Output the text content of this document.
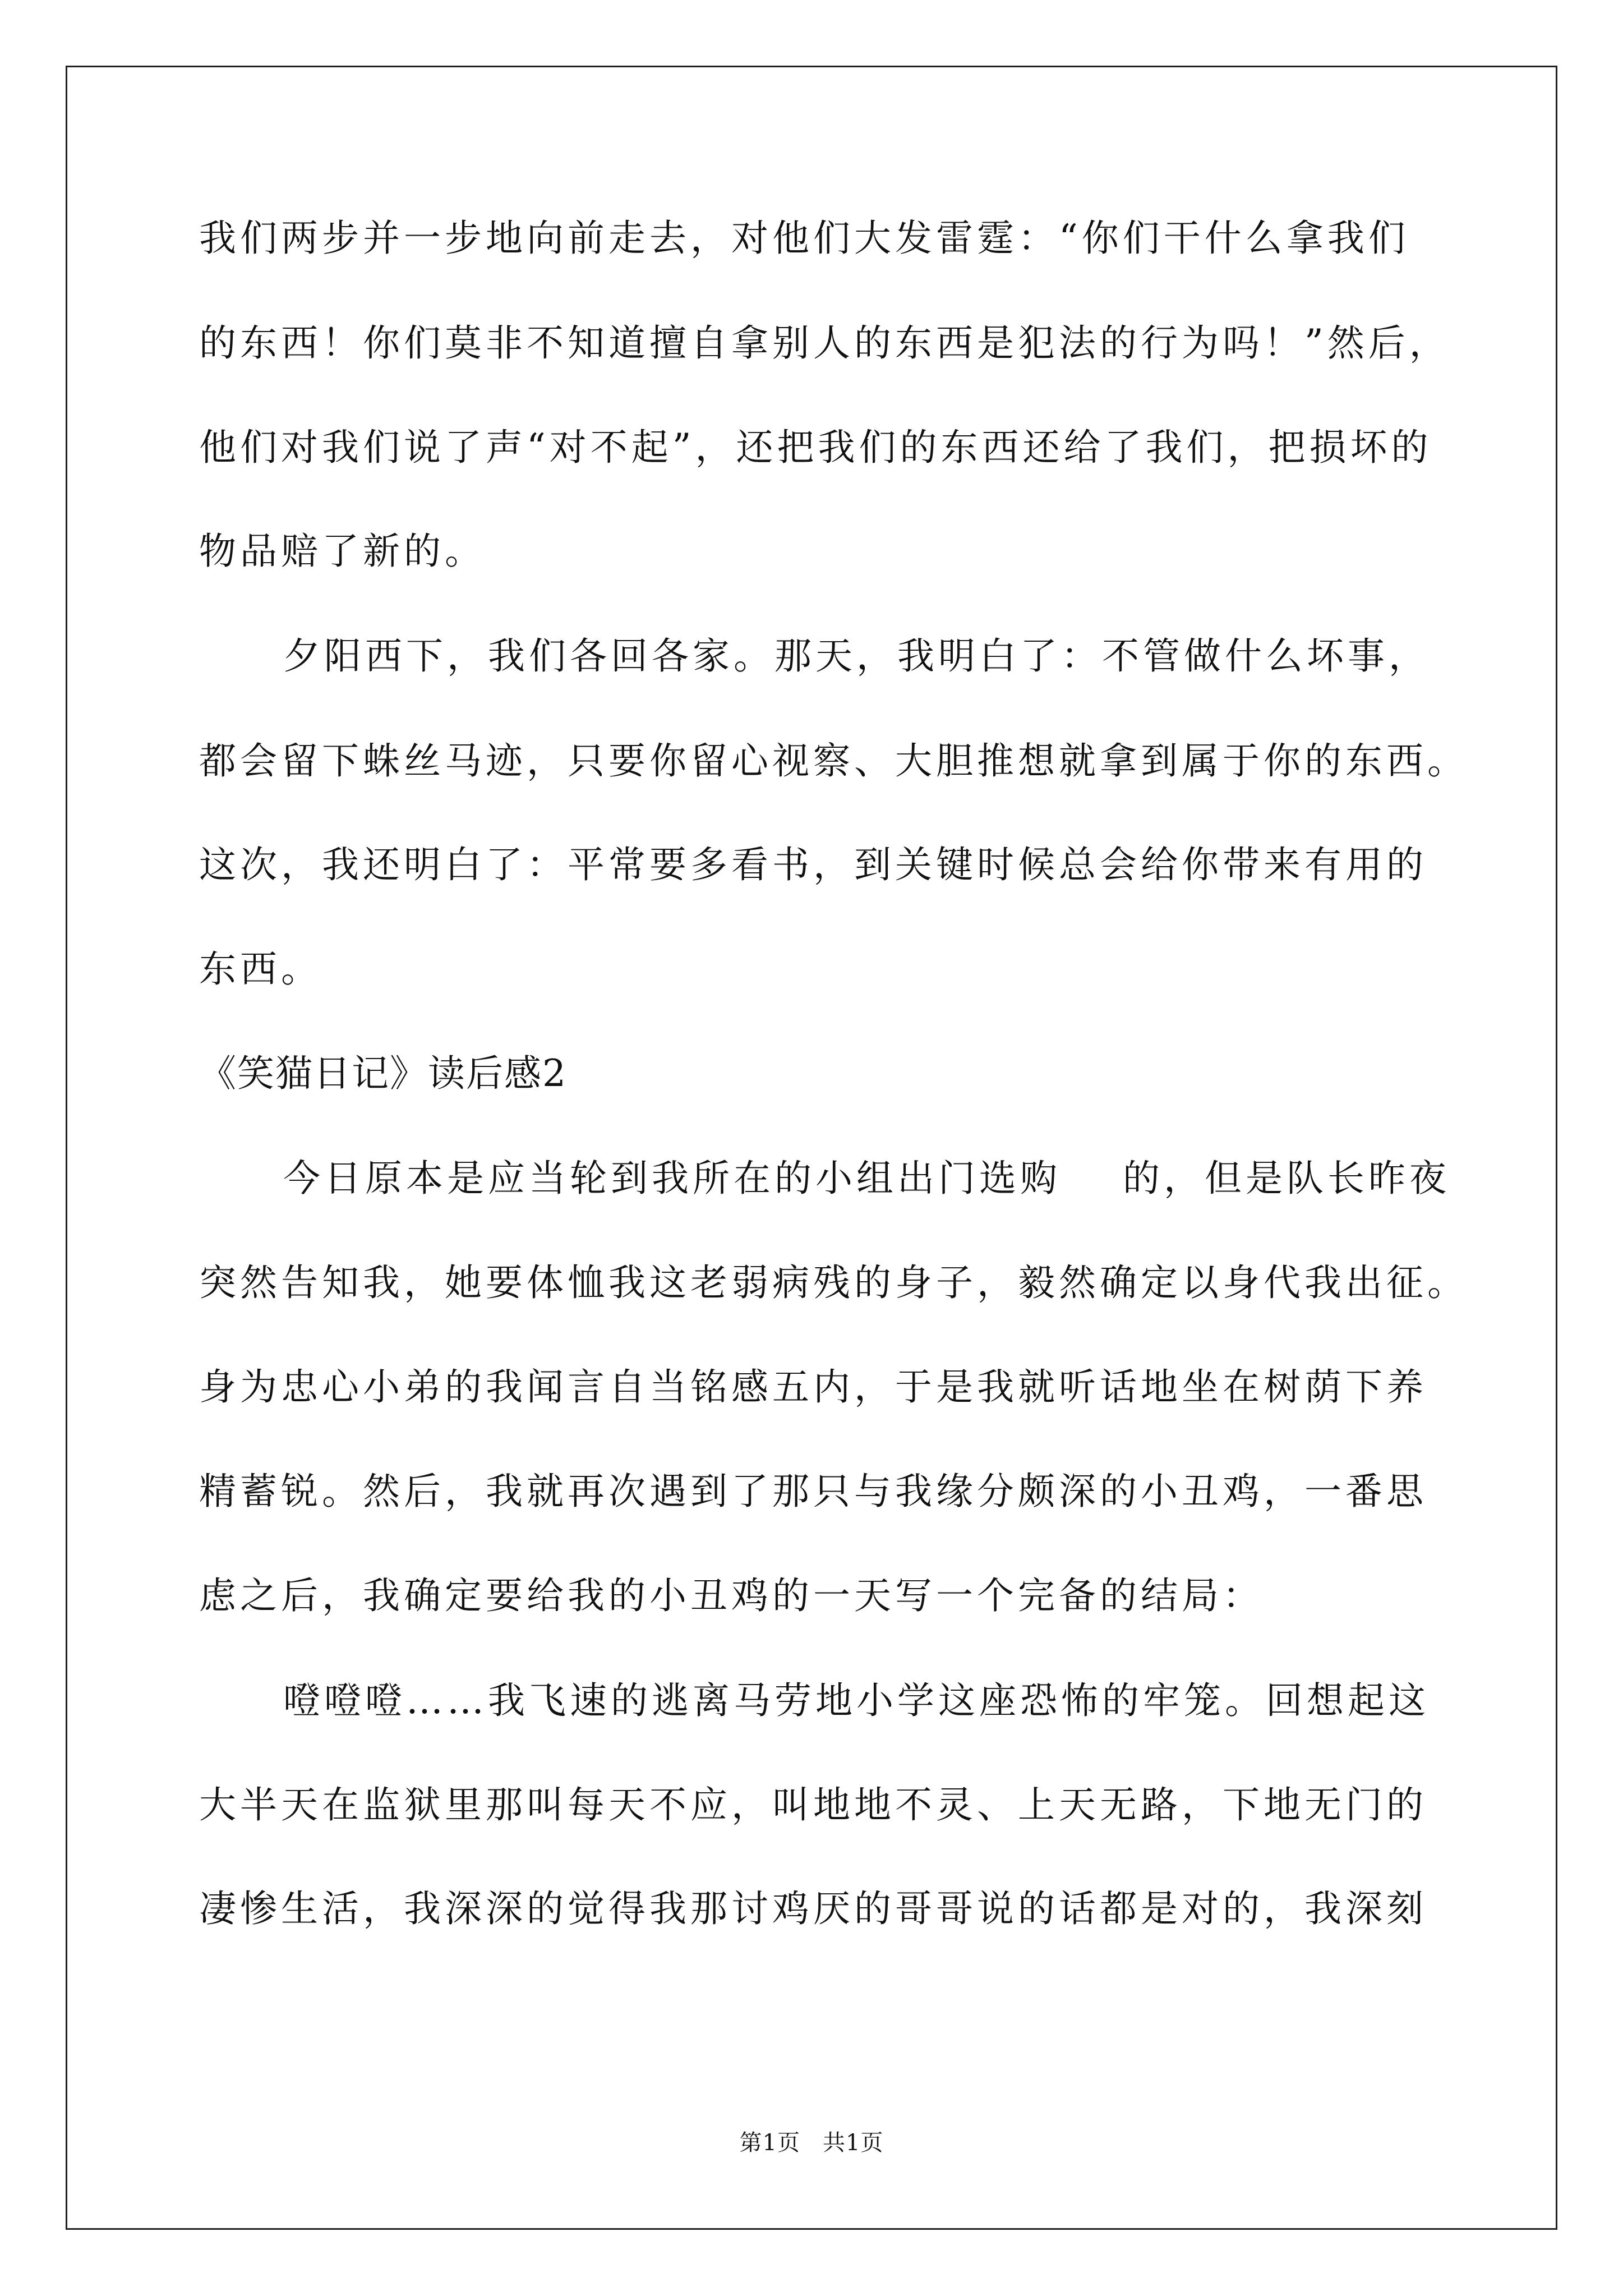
我们两步并一步地向前走去，对他们大发雷霆：“你们干什么拿我们
的东西！你们莫非不知道擅自拿别人的东西是犯法的行为吗！”然后，
他们对我们说了声“对不起”，还把我们的东西还给了我们，把损坏的
物品赔了新的。
夕阳西下，我们各回各家。那天，我明白了：不管做什么坏事，
都会留下蛛丝马迹，只要你留心视察、大胆推想就拿到属于你的东西。
这次，我还明白了：平常要多看书，到关键时候总会给你带来有用的
东西。
《笑猫日记》读后感2
今日原本是应当轮到我所在的小组出门选购 的，但是队长昨夜
突然告知我，她要体恤我这老弱病残的身子，毅然确定以身代我出征。
身为忠心小弟的我闻言自当铭感五内，于是我就听话地坐在树荫下养
精蓄锐。然后，我就再次遇到了那只与我缘分颇深的小丑鸡，一番思
虑之后，我确定要给我的小丑鸡的一天写一个完备的结局：
噔噔噔……我飞速的逃离马劳地小学这座恐怖的牢笼。回想起这
大半天在监狱里那叫每天不应，叫地地不灵、上天无路，下地无门的
凄惨生活，我深深的觉得我那讨鸡厌的哥哥说的话都是对的，我深刻
第1页 共1页
